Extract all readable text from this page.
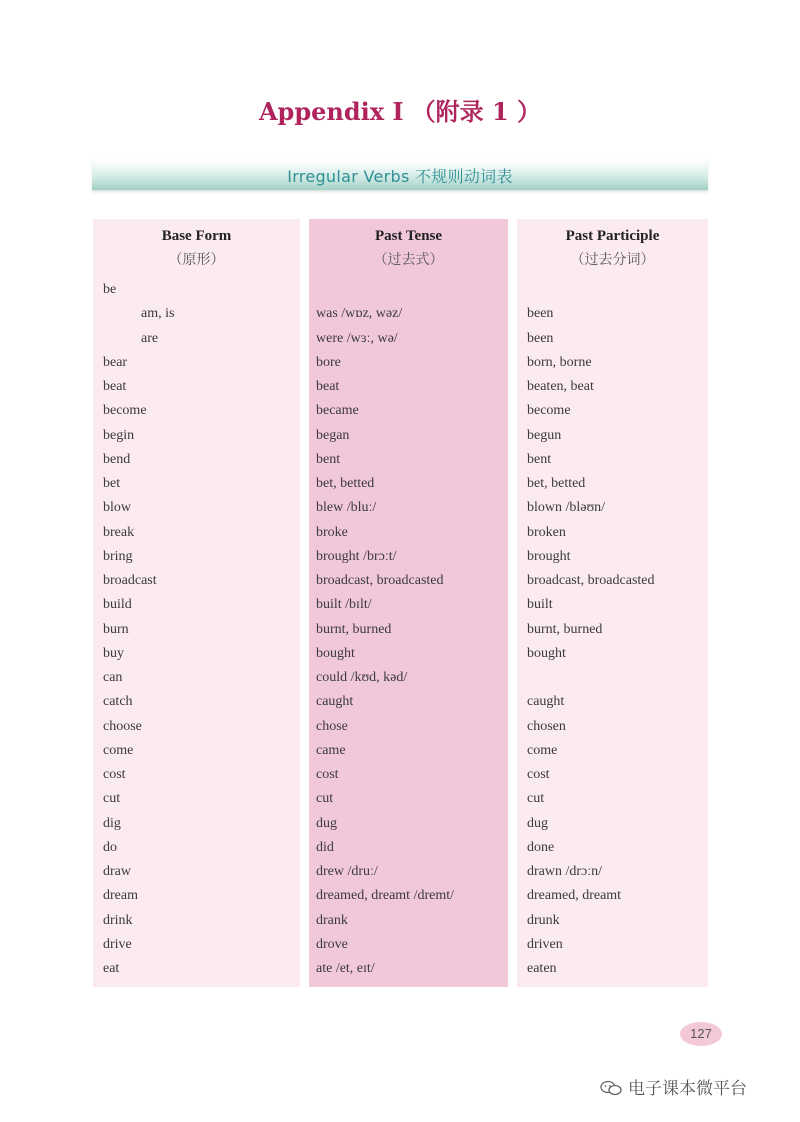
Appendix I （附录 1 ）
Irregular Verbs 不规则动词表
Base Form
（原形）
be
am, is
are
bear
beat
become
begin
bend
bet
blow
break
bring
broadcast
build
burn
buy
can
catch
choose
come
cost
cut
dig
do
draw
dream
drink
drive
eat
Past Tense
（过去式）
was /wɒz, wəz/
were /wɜː, wə/
bore
beat
became
began
bent
bet, betted
blew /bluː/
broke
brought /brɔːt/
broadcast, broadcasted
built /bɪlt/
burnt, burned
bought
could /kʊd, kəd/
caught
chose
came
cost
cut
dug
did
drew /druː/
dreamed, dreamt /dremt/
drank
drove
ate /et, eɪt/
Past Participle
（过去分词）
been
been
born, borne
beaten, beat
become
begun
bent
bet, betted
blown /bləʊn/
broken
brought
broadcast, broadcasted
built
burnt, burned
bought
caught
chosen
come
cost
cut
dug
done
drawn /drɔːn/
dreamed, dreamt
drunk
driven
eaten
127
电子课本微平台
